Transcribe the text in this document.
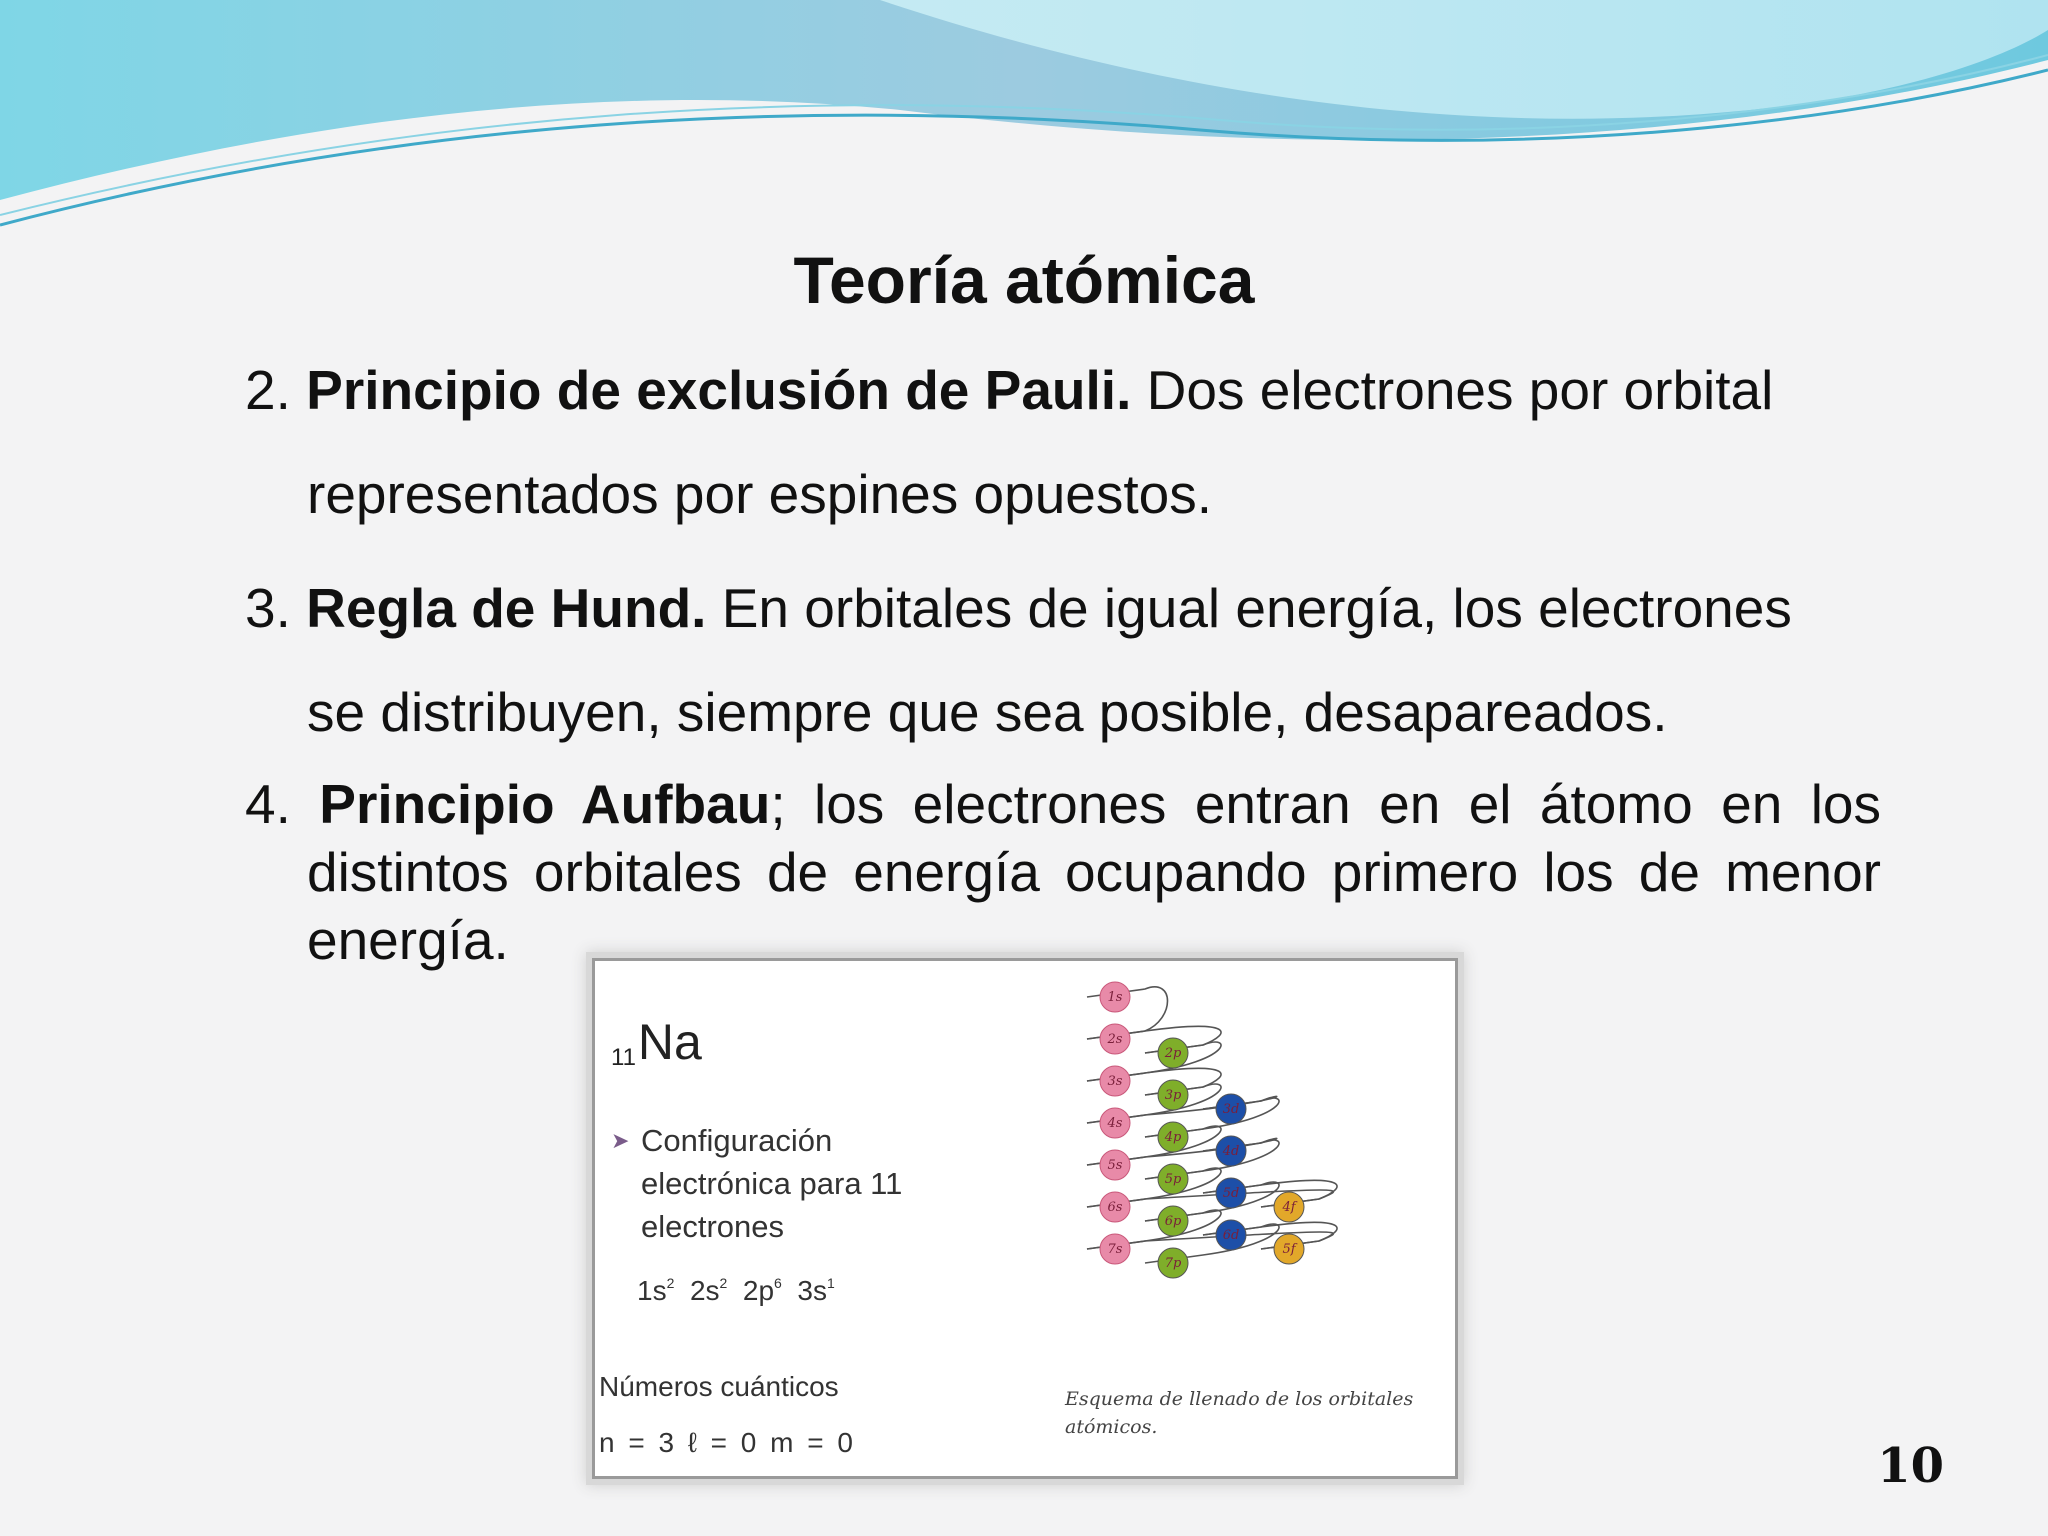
Teoría atómica
2. Principio de exclusión de Pauli. Dos electrones por orbital
representados por espines opuestos.
3. Regla de Hund. En orbitales de igual energía, los electrones
se distribuyen, siempre que sea posible, desapareados.
4. Principio Aufbau; los electrones entran en el átomo en los
distintos orbitales de energía ocupando primero los de menor
energía.
$_{11}$Na
➤ Configuración electrónica para 11 electrones
$1s^2$ $2s^2$ $2p^6$ $3s^1$
Números cuánticos
n = 3 ℓ = 0 m = 0
1s
2s
3s
4s
5s
6s
7s
2p
3p
4p
5p
6p
7p
3d
4d
5d
6d
4f
5f
Esquema de llenado de los orbitales atómicos.
10
